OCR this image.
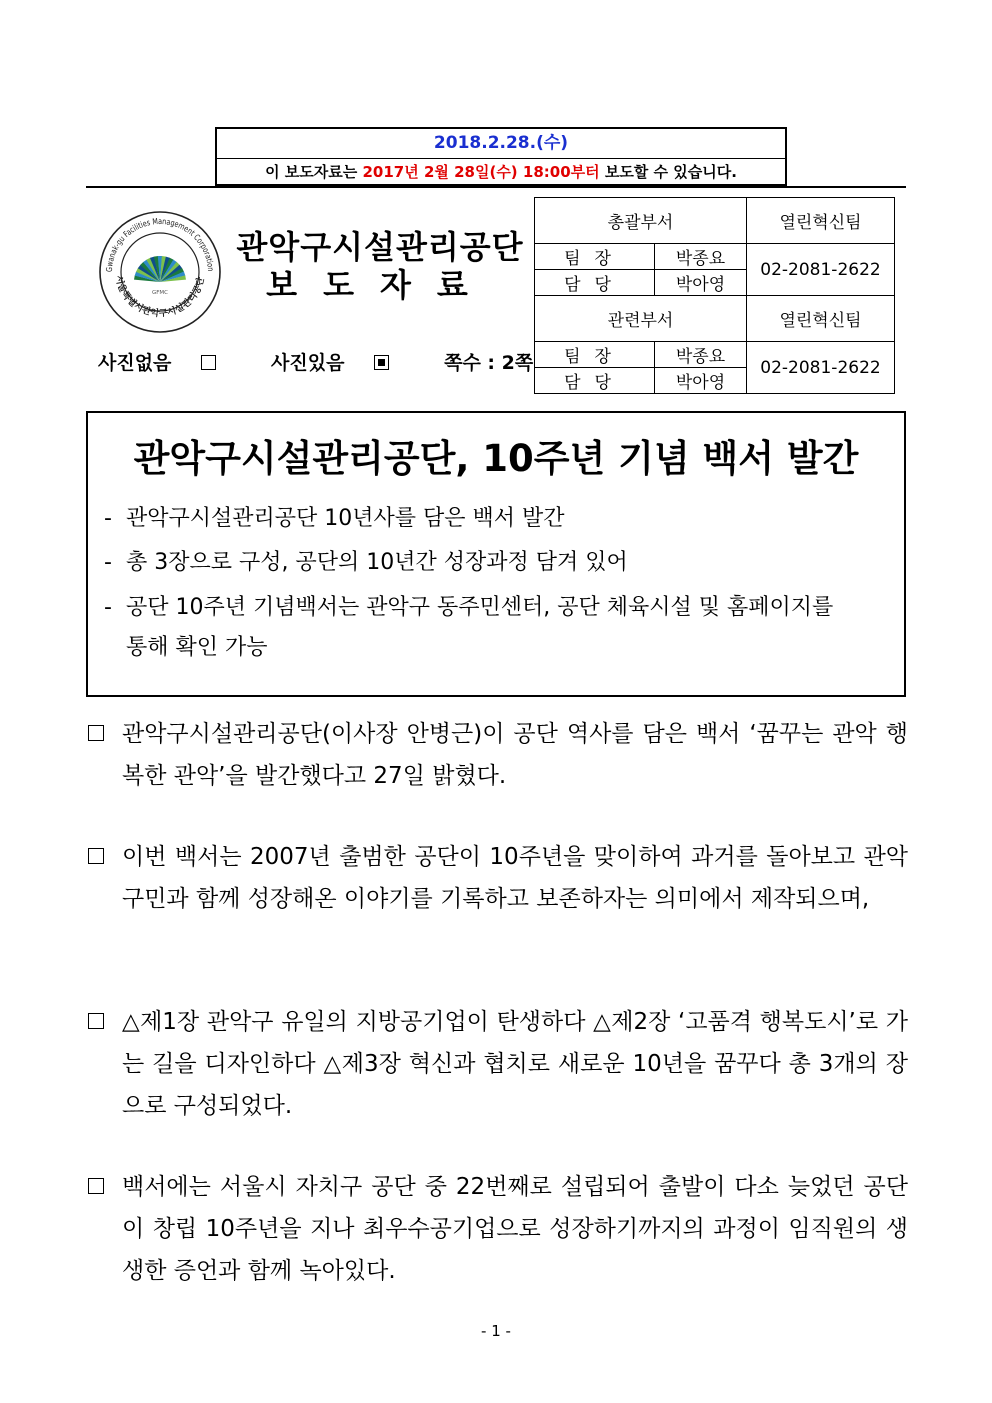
2018.2.28.(수)
이 보도자료는 2017년 2월 28일(수) 18:00부터 보도할 수 있습니다.
Gwanak-gu Facilities Management Corporation
서울특별시관악구시설관리공단
GFMC
관악구시설관리공단
보도자료
사진없음	사진있음	쪽수 : 2쪽
총괄부서		열린혁신팀
팀장	박종요	02-2081-2622
담당	박아영	
관련부서		열린혁신팀
팀장	박종요	02-2081-2622
담당	박아영	
관악구시설관리공단, 10주년 기념 백서 발간
- 관악구시설관리공단 10년사를 담은 백서 발간
- 총 3장으로 구성, 공단의 10년간 성장과정 담겨 있어
- 공단 10주년 기념백서는 관악구 동주민센터, 공단 체육시설 및 홈페이지를
통해 확인 가능
관악구시설관리공단(이사장 안병근)이 공단 역사를 담은 백서 ‘꿈꾸는 관악 행복한 관악’을 발간했다고 27일 밝혔다.
이번 백서는 2007년 출범한 공단이 10주년을 맞이하여 과거를 돌아보고 관악구민과 함께 성장해온 이야기를 기록하고 보존하자는 의미에서 제작되으며,
△제1장 관악구 유일의 지방공기업이 탄생하다 △제2장 ‘고품격 행복도시’로 가는 길을 디자인하다 △제3장 혁신과 협치로 새로운 10년을 꿈꾸다 총 3개의 장으로 구성되었다.
백서에는 서울시 자치구 공단 중 22번째로 설립되어 출발이 다소 늦었던 공단이 창립 10주년을 지나 최우수공기업으로 성장하기까지의 과정이 임직원의 생생한 증언과 함께 녹아있다.
- 1 -
